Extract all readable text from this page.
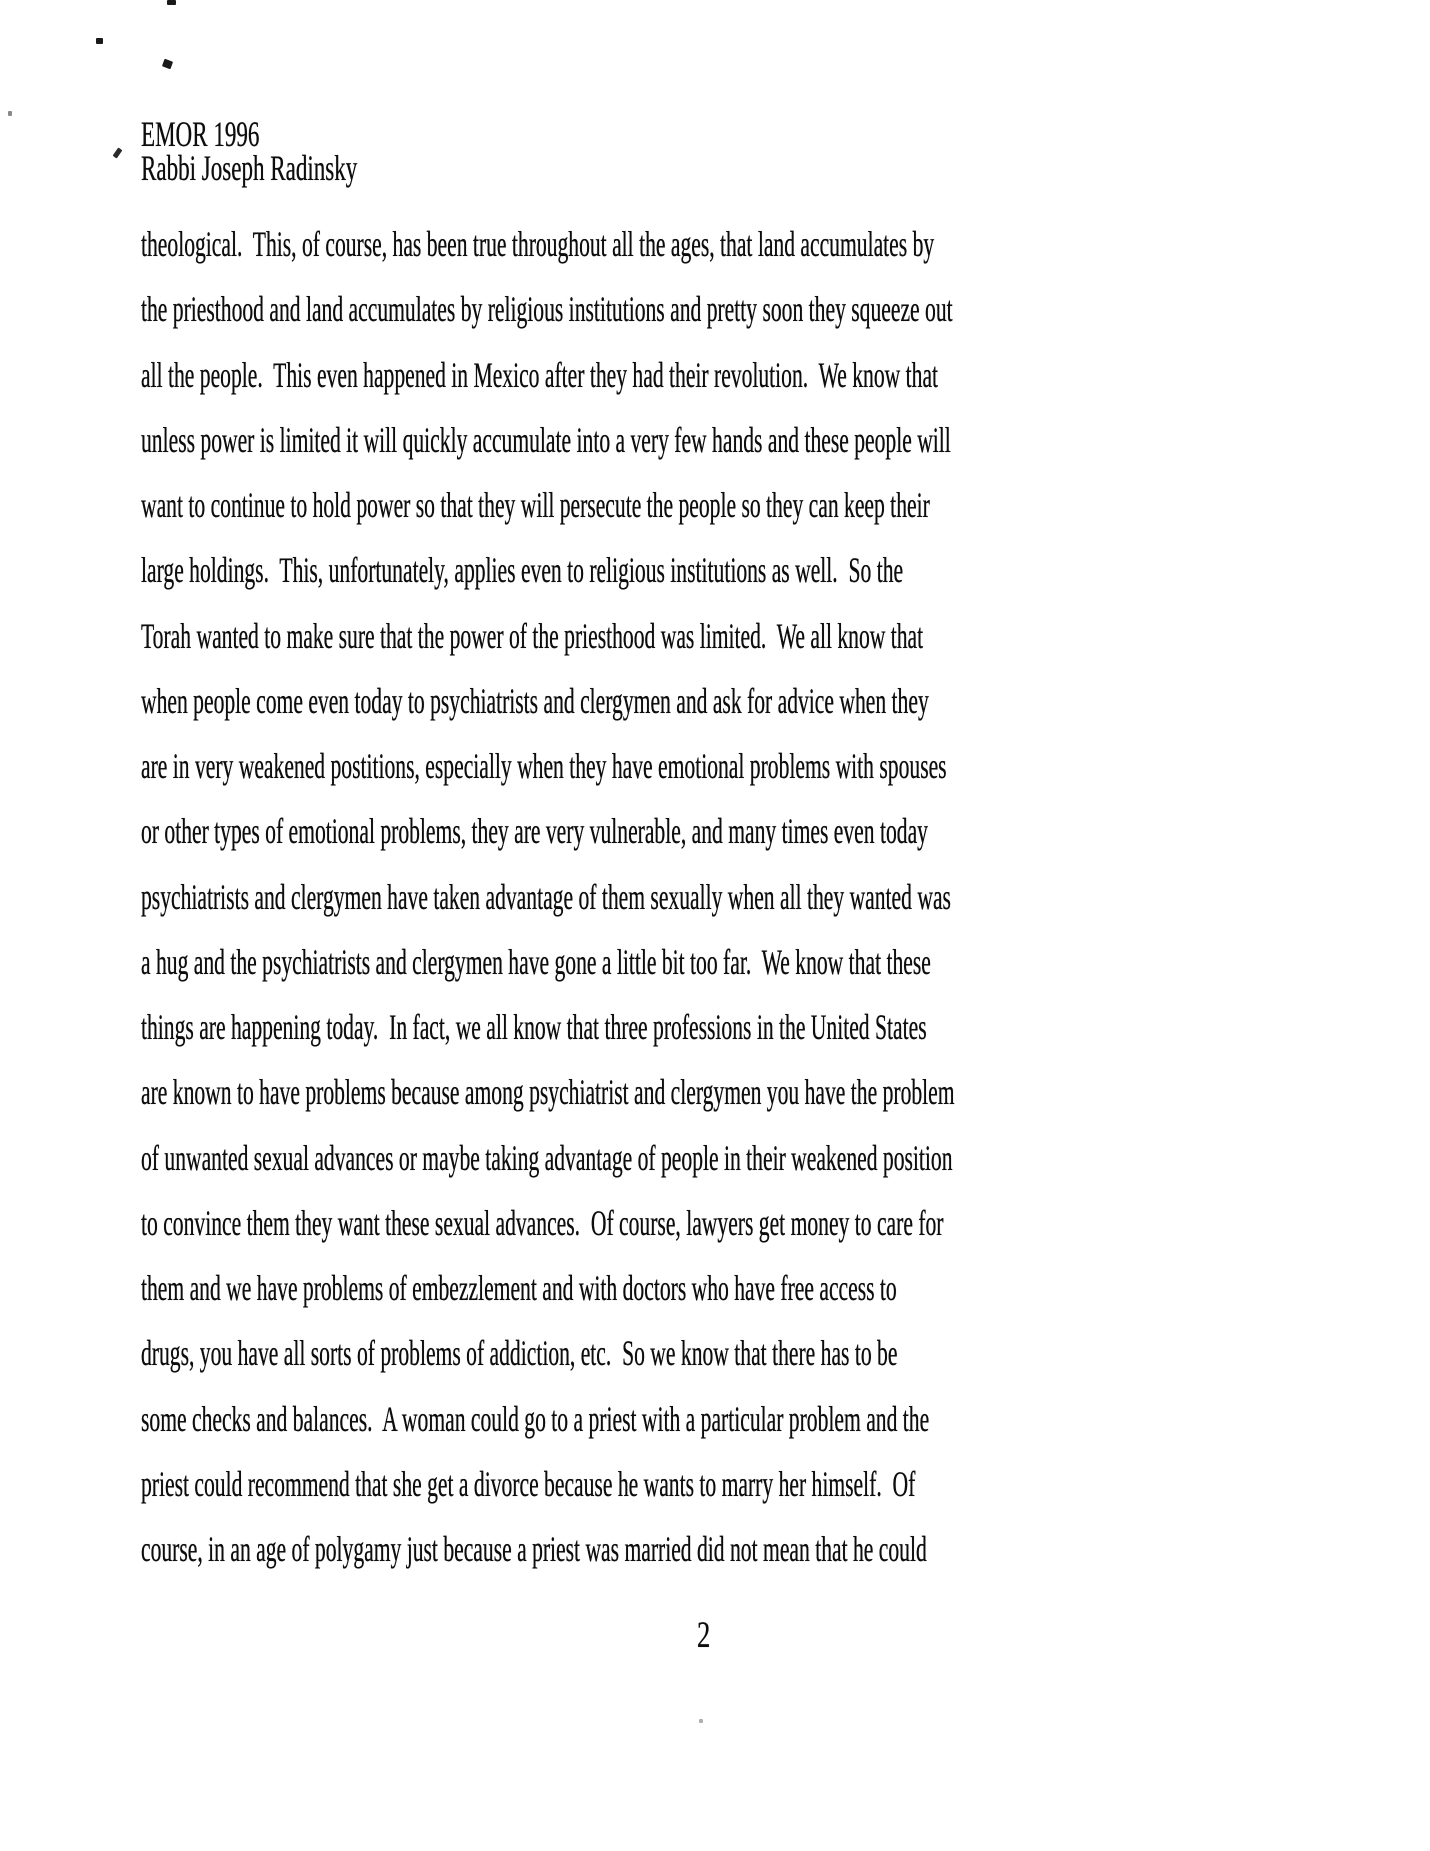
EMOR 1996
Rabbi Joseph Radinsky
theological.  This, of course, has been true throughout all the ages, that land accumulates by
the priesthood and land accumulates by religious institutions and pretty soon they squeeze out
all the people.  This even happened in Mexico after they had their revolution.  We know that
unless power is limited it will quickly accumulate into a very few hands and these people will
want to continue to hold power so that they will persecute the people so they can keep their
large holdings.  This, unfortunately, applies even to religious institutions as well.  So the
Torah wanted to make sure that the power of the priesthood was limited.  We all know that
when people come even today to psychiatrists and clergymen and ask for advice when they
are in very weakened postitions, especially when they have emotional problems with spouses
or other types of emotional problems, they are very vulnerable, and many times even today
psychiatrists and clergymen have taken advantage of them sexually when all they wanted was
a hug and the psychiatrists and clergymen have gone a little bit too far.  We know that these
things are happening today.  In fact, we all know that three professions in the United States
are known to have problems because among psychiatrist and clergymen you have the problem
of unwanted sexual advances or maybe taking advantage of people in their weakened position
to convince them they want these sexual advances.  Of course, lawyers get money to care for
them and we have problems of embezzlement and with doctors who have free access to
drugs, you have all sorts of problems of addiction, etc.  So we know that there has to be
some checks and balances.  A woman could go to a priest with a particular problem and the
priest could recommend that she get a divorce because he wants to marry her himself.  Of
course, in an age of polygamy just because a priest was married did not mean that he could
2
